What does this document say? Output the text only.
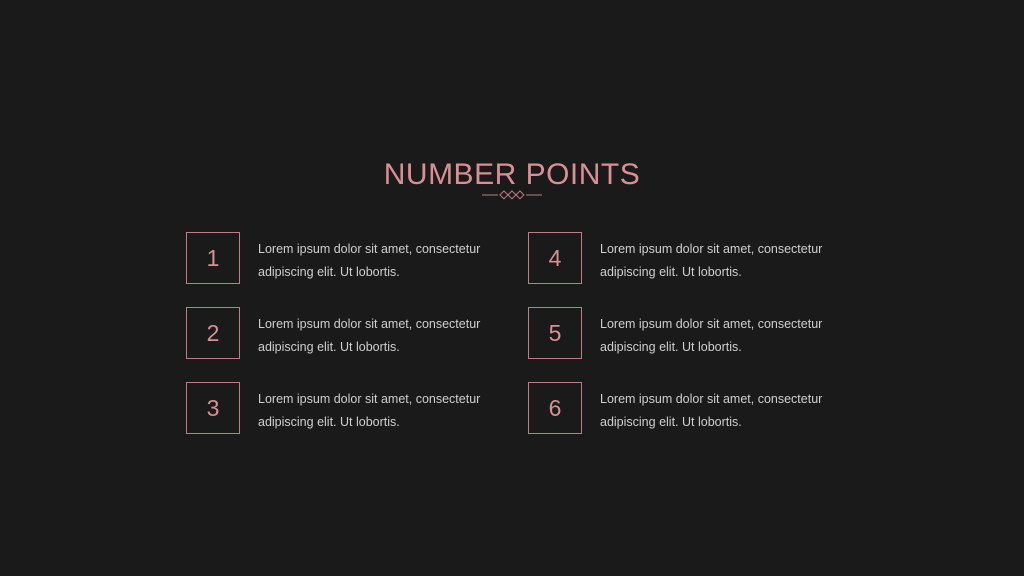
NUMBER POINTS
1	Lorem ipsum dolor sit amet, consectetur adipiscing elit. Ut lobortis.
4	Lorem ipsum dolor sit amet, consectetur adipiscing elit. Ut lobortis.
2	Lorem ipsum dolor sit amet, consectetur adipiscing elit. Ut lobortis.
5	Lorem ipsum dolor sit amet, consectetur adipiscing elit. Ut lobortis.
3	Lorem ipsum dolor sit amet, consectetur adipiscing elit. Ut lobortis.
6	Lorem ipsum dolor sit amet, consectetur adipiscing elit. Ut lobortis.
